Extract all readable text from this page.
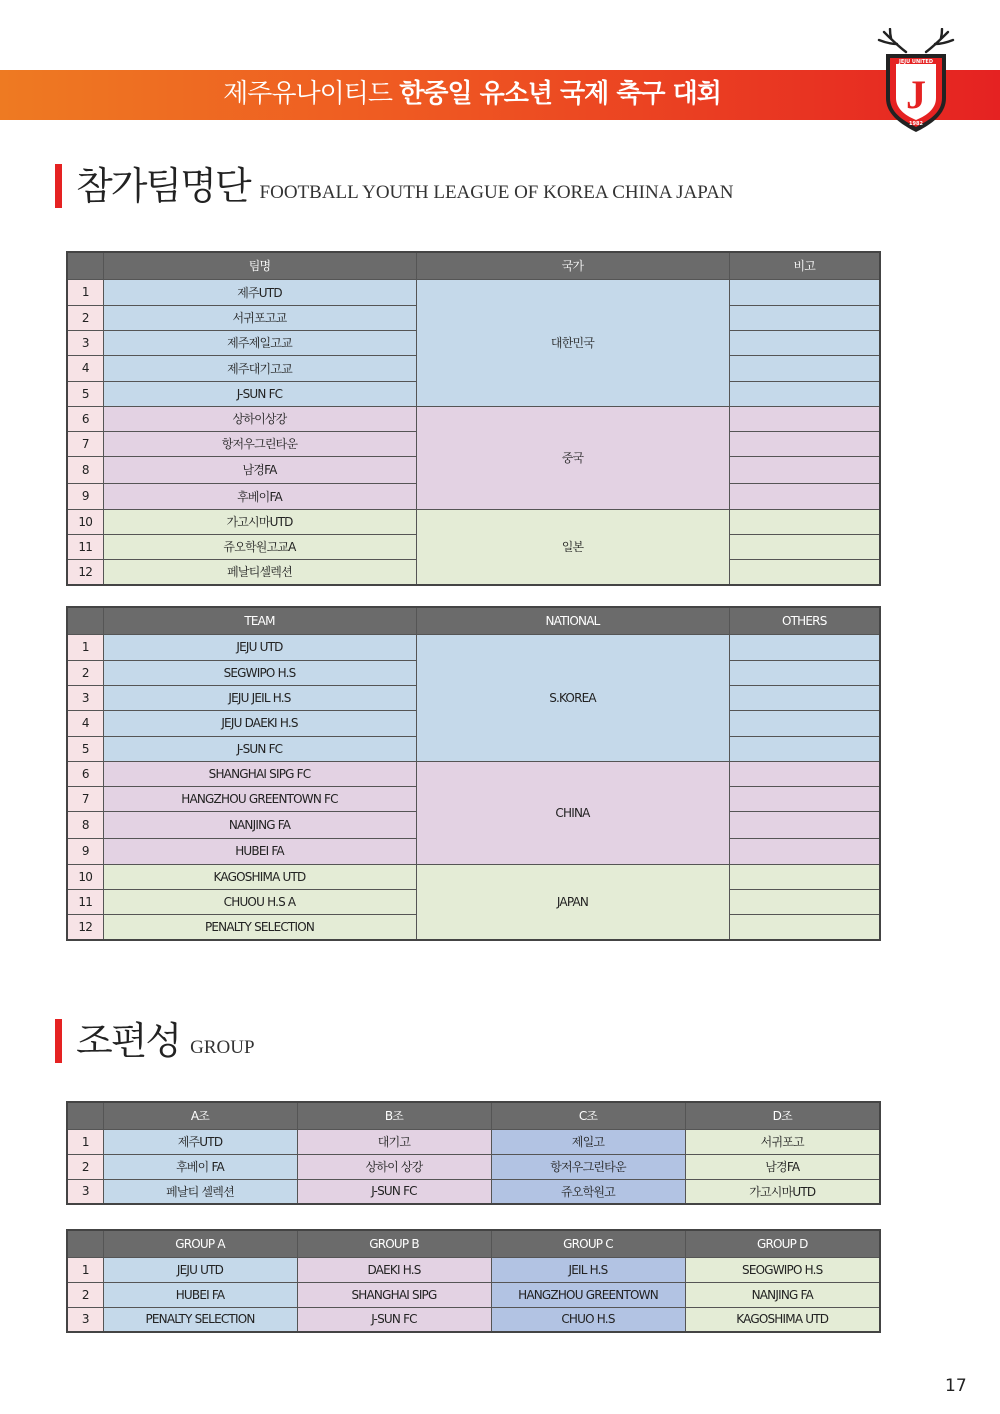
제주유나이티드 한중일 유소년 국제 축구 대회
JEJU UNITED
J
1982
참가팀명단 FOOTBALL YOUTH LEAGUE OF KOREA CHINA JAPAN
	팀명	국가	비고
1	제주UTD	대한민국	
2	서귀포고교		
3	제주제일고교		
4	제주대기고교		
5	J-SUN FC		
6	상하이상강	중국	
7	항저우그린타운		
8	남경FA		
9	후베이FA		
10	가고시마UTD	일본	
11	쥬오학원고교A		
12	페날티셀렉션		
	TEAM	NATIONAL	OTHERS
1	JEJU UTD	S.KOREA	
2	SEGWIPO H.S		
3	JEJU JEIL H.S		
4	JEJU DAEKI H.S		
5	J-SUN FC		
6	SHANGHAI SIPG FC	CHINA	
7	HANGZHOU GREENTOWN FC		
8	NANJING FA		
9	HUBEI FA		
10	KAGOSHIMA UTD	JAPAN	
11	CHUOU H.S A		
12	PENALTY SELECTION		
조편성 GROUP
	A조	B조	C조	D조
1	제주UTD	대기고	제일고	서귀포고
2	후베이 FA	상하이 상강	항저우그린타운	남경FA
3	페날티 셀렉션	J-SUN FC	쥬오학원고	가고시마UTD
	GROUP A	GROUP B	GROUP C	GROUP D
1	JEJU UTD	DAEKI H.S	JEIL H.S	SEOGWIPO H.S
2	HUBEI FA	SHANGHAI SIPG	HANGZHOU GREENTOWN	NANJING FA
3	PENALTY SELECTION	J-SUN FC	CHUO H.S	KAGOSHIMA UTD
17
